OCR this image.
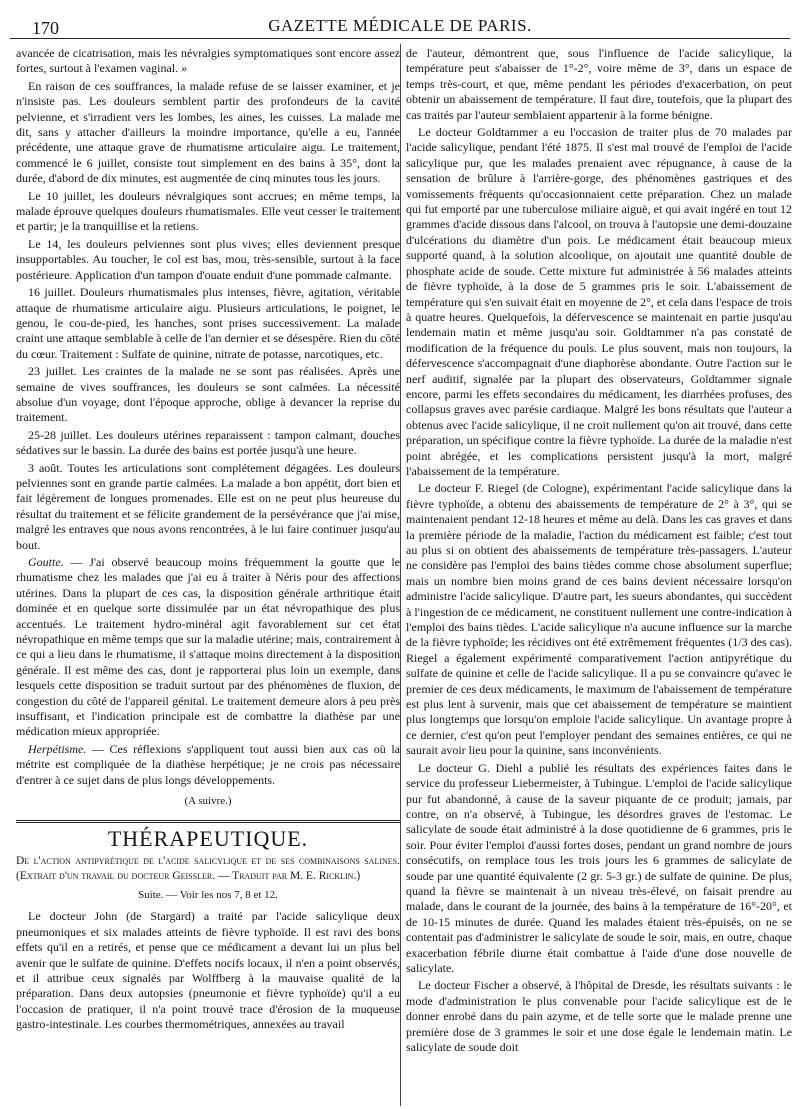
170	GAZETTE MÉDICALE DE PARIS.

avancée de cicatrisation, mais les névralgies symptomatiques sont encore assez fortes, surtout à l'examen vaginal. »

En raison de ces souffrances, la malade refuse de se laisser examiner, et je n'insiste pas. Les douleurs semblent partir des profondeurs de la cavité pelvienne, et s'irradient vers les lombes, les aines, les cuisses. La malade me dit, sans y attacher d'ailleurs la moindre importance, qu'elle a eu, l'année précédente, une attaque grave de rhumatisme articulaire aigu. Le traitement, commencé le 6 juillet, consiste tout simplement en des bains à 35°, dont la durée, d'abord de dix minutes, est augmentée de cinq minutes tous les jours.

Le 10 juillet, les douleurs névralgiques sont accrues; en même temps, la malade éprouve quelques douleurs rhumatismales. Elle veut cesser le traitement et partir; je la tranquillise et la retiens.

Le 14, les douleurs pelviennes sont plus vives; elles deviennent presque insupportables. Au toucher, le col est bas, mou, très-sensible, surtout à la face postérieure. Application d'un tampon d'ouate enduit d'une pommade calmante.

16 juillet. Douleurs rhumatismales plus intenses, fièvre, agitation, véritable attaque de rhumatisme articulaire aigu. Plusieurs articulations, le poignet, le genou, le cou-de-pied, les hanches, sont prises successivement. La malade craint une attaque semblable à celle de l'an dernier et se désespère. Rien du côté du cœur. Traitement : Sulfate de quinine, nitrate de potasse, narcotiques, etc.

23 juillet. Les craintes de la malade ne se sont pas réalisées. Après une semaine de vives souffrances, les douleurs se sont calmées. La nécessité absolue d'un voyage, dont l'époque approche, oblige à devancer la reprise du traitement.

25-28 juillet. Les douleurs utérines reparaissent : tampon calmant, douches sédatives sur le bassin. La durée des bains est portée jusqu'à une heure.

3 août. Toutes les articulations sont complétement dégagées. Les douleurs pelviennes sont en grande partie calmées. La malade a bon appétit, dort bien et fait légèrement de longues promenades. Elle est on ne peut plus heureuse du résultat du traitement et se félicite grandement de la persévérance que j'ai mise, malgré les entraves que nous avons rencontrées, à le lui faire continuer jusqu'au bout.

Goutte. — J'ai observé beaucoup moins fréquemment la goutte que le rhumatisme chez les malades que j'ai eu à traiter à Néris pour des affections utérines. Dans la plupart de ces cas, la disposition générale arthritique était dominée et en quelque sorte dissimulée par un état névropathique des plus accentués. Le traitement hydro-minéral agit favorablement sur cet état névropathique en même temps que sur la maladie utérine; mais, contrairement à ce qui a lieu dans le rhumatisme, il s'attaque moins directement à la disposition générale. Il est même des cas, dont je rapporterai plus loin un exemple, dans lesquels cette disposition se traduit surtout par des phénomènes de fluxion, de congestion du côté de l'appareil génital. Le traitement demeure alors à peu près insuffisant, et l'indication principale est de combattre la diathèse par une médication mieux appropriée.

Herpétisme. — Ces réflexions s'appliquent tout aussi bien aux cas où la métrite est compliquée de la diathèse herpétique; je ne crois pas nécessaire d'entrer à ce sujet dans de plus longs développements.

(A suivre.)
THÉRAPEUTIQUE.

De l'action antipyrétique de l'acide salicylique et de ses combinaisons salines. (Extrait d'un travail du docteur Geissler. — Traduit par M. E. Ricklin.)

Suite. — Voir les nos 7, 8 et 12.

Le docteur John (de Stargard) a traité par l'acide salicylique deux pneumoniques et six malades atteints de fièvre typhoïde. Il est ravi des bons effets qu'il en a retirés, et pense que ce médicament a devant lui un plus bel avenir que le sulfate de quinine. D'effets nocifs locaux, il n'en a point observés, et il attribue ceux signalés par Wolffberg à la mauvaise qualité de la préparation. Dans deux autopsies (pneumonie et fièvre typhoïde) qu'il a eu l'occasion de pratiquer, il n'a point trouvé trace d'érosion de la muqueuse gastro-intestinale. Les courbes thermométriques, annexées au travail

de l'auteur, démontrent que, sous l'influence de l'acide salicylique, la température peut s'abaisser de 1°-2°, voire même de 3°, dans un espace de temps très-court, et que, même pendant les périodes d'exacerbation, on peut obtenir un abaissement de température. Il faut dire, toutefois, que la plupart des cas traités par l'auteur semblaient appartenir à la forme bénigne.

Le docteur Goldtammer a eu l'occasion de traiter plus de 70 malades par l'acide salicylique, pendant l'été 1875. Il s'est mal trouvé de l'emploi de l'acide salicylique pur, que les malades prenaient avec répugnance, à cause de la sensation de brûlure à l'arrière-gorge, des phénomènes gastriques et des vomissements fréquents qu'occasionnaient cette préparation. Chez un malade qui fut emporté par une tuberculose miliaire aiguë, et qui avait ingéré en tout 12 grammes d'acide dissous dans l'alcool, on trouva à l'autopsie une demi-douzaine d'ulcérations du diamètre d'un pois. Le médicament était beaucoup mieux supporté quand, à la solution alcoolique, on ajoutait une quantité double de phosphate acide de soude. Cette mixture fut administrée à 56 malades atteints de fièvre typhoïde, à la dose de 5 grammes pris le soir. L'abaissement de température qui s'en suivait était en moyenne de 2°, et cela dans l'espace de trois à quatre heures. Quelquefois, la défervescence se maintenait en partie jusqu'au lendemain matin et même jusqu'au soir. Goldtammer n'a pas constaté de modification de la fréquence du pouls. Le plus souvent, mais non toujours, la défervescence s'accompagnait d'une diaphorèse abondante. Outre l'action sur le nerf auditif, signalée par la plupart des observateurs, Goldtammer signale encore, parmi les effets secondaires du médicament, les diarrhées profuses, des collapsus graves avec parésie cardiaque. Malgré les bons résultats que l'auteur a obtenus avec l'acide salicylique, il ne croit nullement qu'on ait trouvé, dans cette préparation, un spécifique contre la fièvre typhoïde. La durée de la maladie n'est point abrégée, et les complications persistent jusqu'à la mort, malgré l'abaissement de la température.

Le docteur F. Riegel (de Cologne), expérimentant l'acide salicylique dans la fièvre typhoïde, a obtenu des abaissements de température de 2° à 3°, qui se maintenaient pendant 12-18 heures et même au delà. Dans les cas graves et dans la première période de la maladie, l'action du médicament est faible; c'est tout au plus si on obtient des abaissements de température très-passagers. L'auteur ne considère pas l'emploi des bains tièdes comme chose absolument superflue; mais un nombre bien moins grand de ces bains devient nécessaire lorsqu'on administre l'acide salicylique. D'autre part, les sueurs abondantes, qui succèdent à l'ingestion de ce médicament, ne constituent nullement une contre-indication à l'emploi des bains tièdes. L'acide salicylique n'a aucune influence sur la marche de la fièvre typhoïde; les récidives ont été extrêmement fréquentes (1/3 des cas). Riegel a également expérimenté comparativement l'action antipyrétique du sulfate de quinine et celle de l'acide salicylique. Il a pu se convaincre qu'avec le premier de ces deux médicaments, le maximum de l'abaissement de température est plus lent à survenir, mais que cet abaissement de température se maintient plus longtemps que lorsqu'on emploie l'acide salicylique. Un avantage propre à ce dernier, c'est qu'on peut l'employer pendant des semaines entières, ce qui ne saurait avoir lieu pour la quinine, sans inconvénients.

Le docteur G. Diehl a publié les résultats des expériences faites dans le service du professeur Liebermeister, à Tubingue. L'emploi de l'acide salicylique pur fut abandonné, à cause de la saveur piquante de ce produit; jamais, par contre, on n'a observé, à Tubingue, les désordres graves de l'estomac. Le salicylate de soude était administré à la dose quotidienne de 6 grammes, pris le soir. Pour éviter l'emploi d'aussi fortes doses, pendant un grand nombre de jours consécutifs, on remplace tous les trois jours les 6 grammes de salicylate de soude par une quantité équivalente (2 gr. 5-3 gr.) de sulfate de quinine. De plus, quand la fièvre se maintenait à un niveau très-élevé, on faisait prendre au malade, dans le courant de la journée, des bains à la température de 16°-20°, et de 10-15 minutes de durée. Quand les malades étaient très-épuisés, on ne se contentait pas d'administrer le salicylate de soude le soir, mais, en outre, chaque exacerbation fébrile diurne était combattue à l'aide d'une dose nouvelle de salicylate.

Le docteur Fischer a observé, à l'hôpital de Dresde, les résultats suivants : le mode d'administration le plus convenable pour l'acide salicylique est de le donner enrobé dans du pain azyme, et de telle sorte que le malade prenne une première dose de 3 grammes le soir et une dose égale le lendemain matin. Le salicylate de soude doit
